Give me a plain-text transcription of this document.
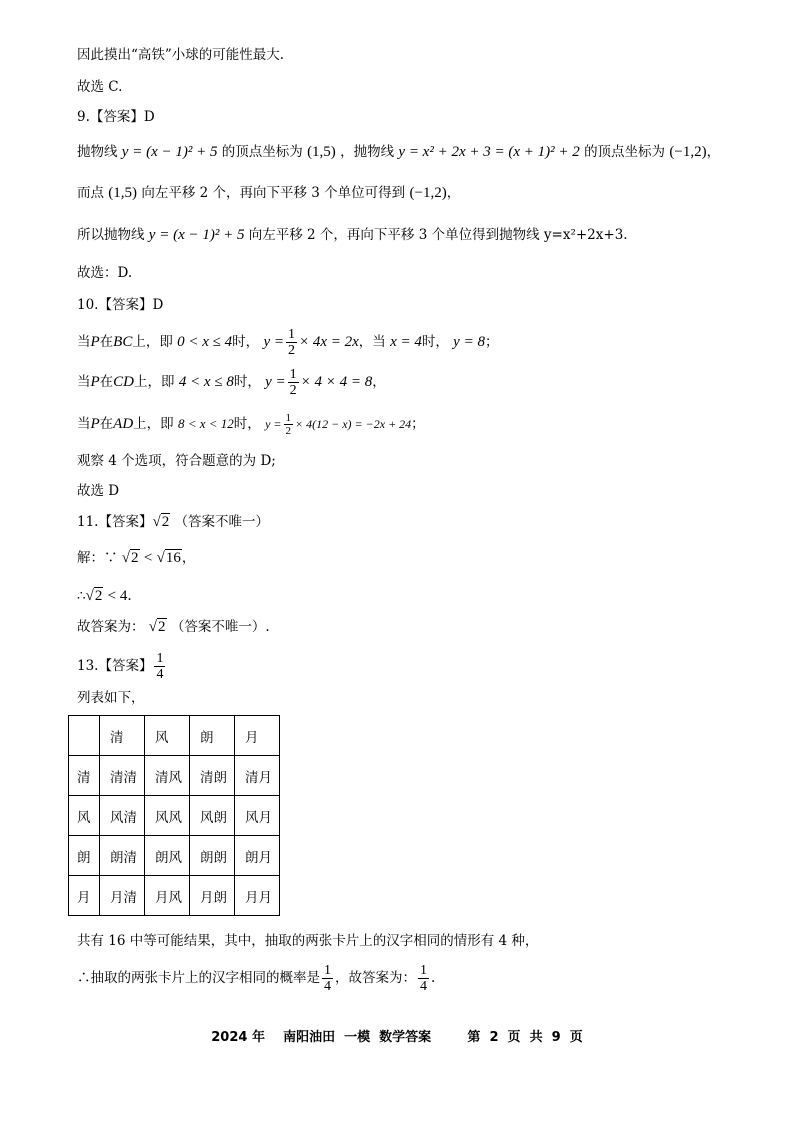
因此摸出“高铁”小球的可能性最大.
故选 C.
9.【答案】D
抛物线 y = (x − 1)² + 5 的顶点坐标为 (1,5) ，抛物线 y = x² + 2x + 3 = (x + 1)² + 2 的顶点坐标为 (−1,2)，
而点 (1,5) 向左平移 2 个，再向下平移 3 个单位可得到 (−1,2)，
所以抛物线 y = (x − 1)² + 5 向左平移 2 个，再向下平移 3 个单位得到抛物线 y=x²+2x+3.
故选：D.
10.【答案】D
当P在BC上，即 0 < x ≤ 4时， $y = \frac{1}{2} \times 4x = 2x$，当 x = 4时， y = 8；
当P在CD上，即 4 < x ≤ 8时， $y = \frac{1}{2} \times 4 \times 4 = 8$，
当P在AD上，即 8 < x < 12时， $y = \frac{1}{2} \times 4(12 - x) = -2x + 24$；
观察 4 个选项，符合题意的为 D;
故选 D
11.【答案】√2 （答案不唯一）
解：∵ √2 < √16，
∴√2 < 4.
故答案为： √2 （答案不唯一）.
13.【答案】 $\frac{1}{4}$
列表如下，
	清	风	朗	月
清	清清	清风	清朗	清月
风	风清	风风	风朗	风月
朗	朗清	朗风	朗朗	朗月
月	月清	月风	月朗	月月
共有 16 中等可能结果，其中，抽取的两张卡片上的汉字相同的情形有 4 种，
∴抽取的两张卡片上的汉字相同的概率是 $\frac{1}{4}$ ，故答案为： $\frac{1}{4}$ .
2024 年 南阳油田  一模  数学答案	第  2  页  共  9  页
